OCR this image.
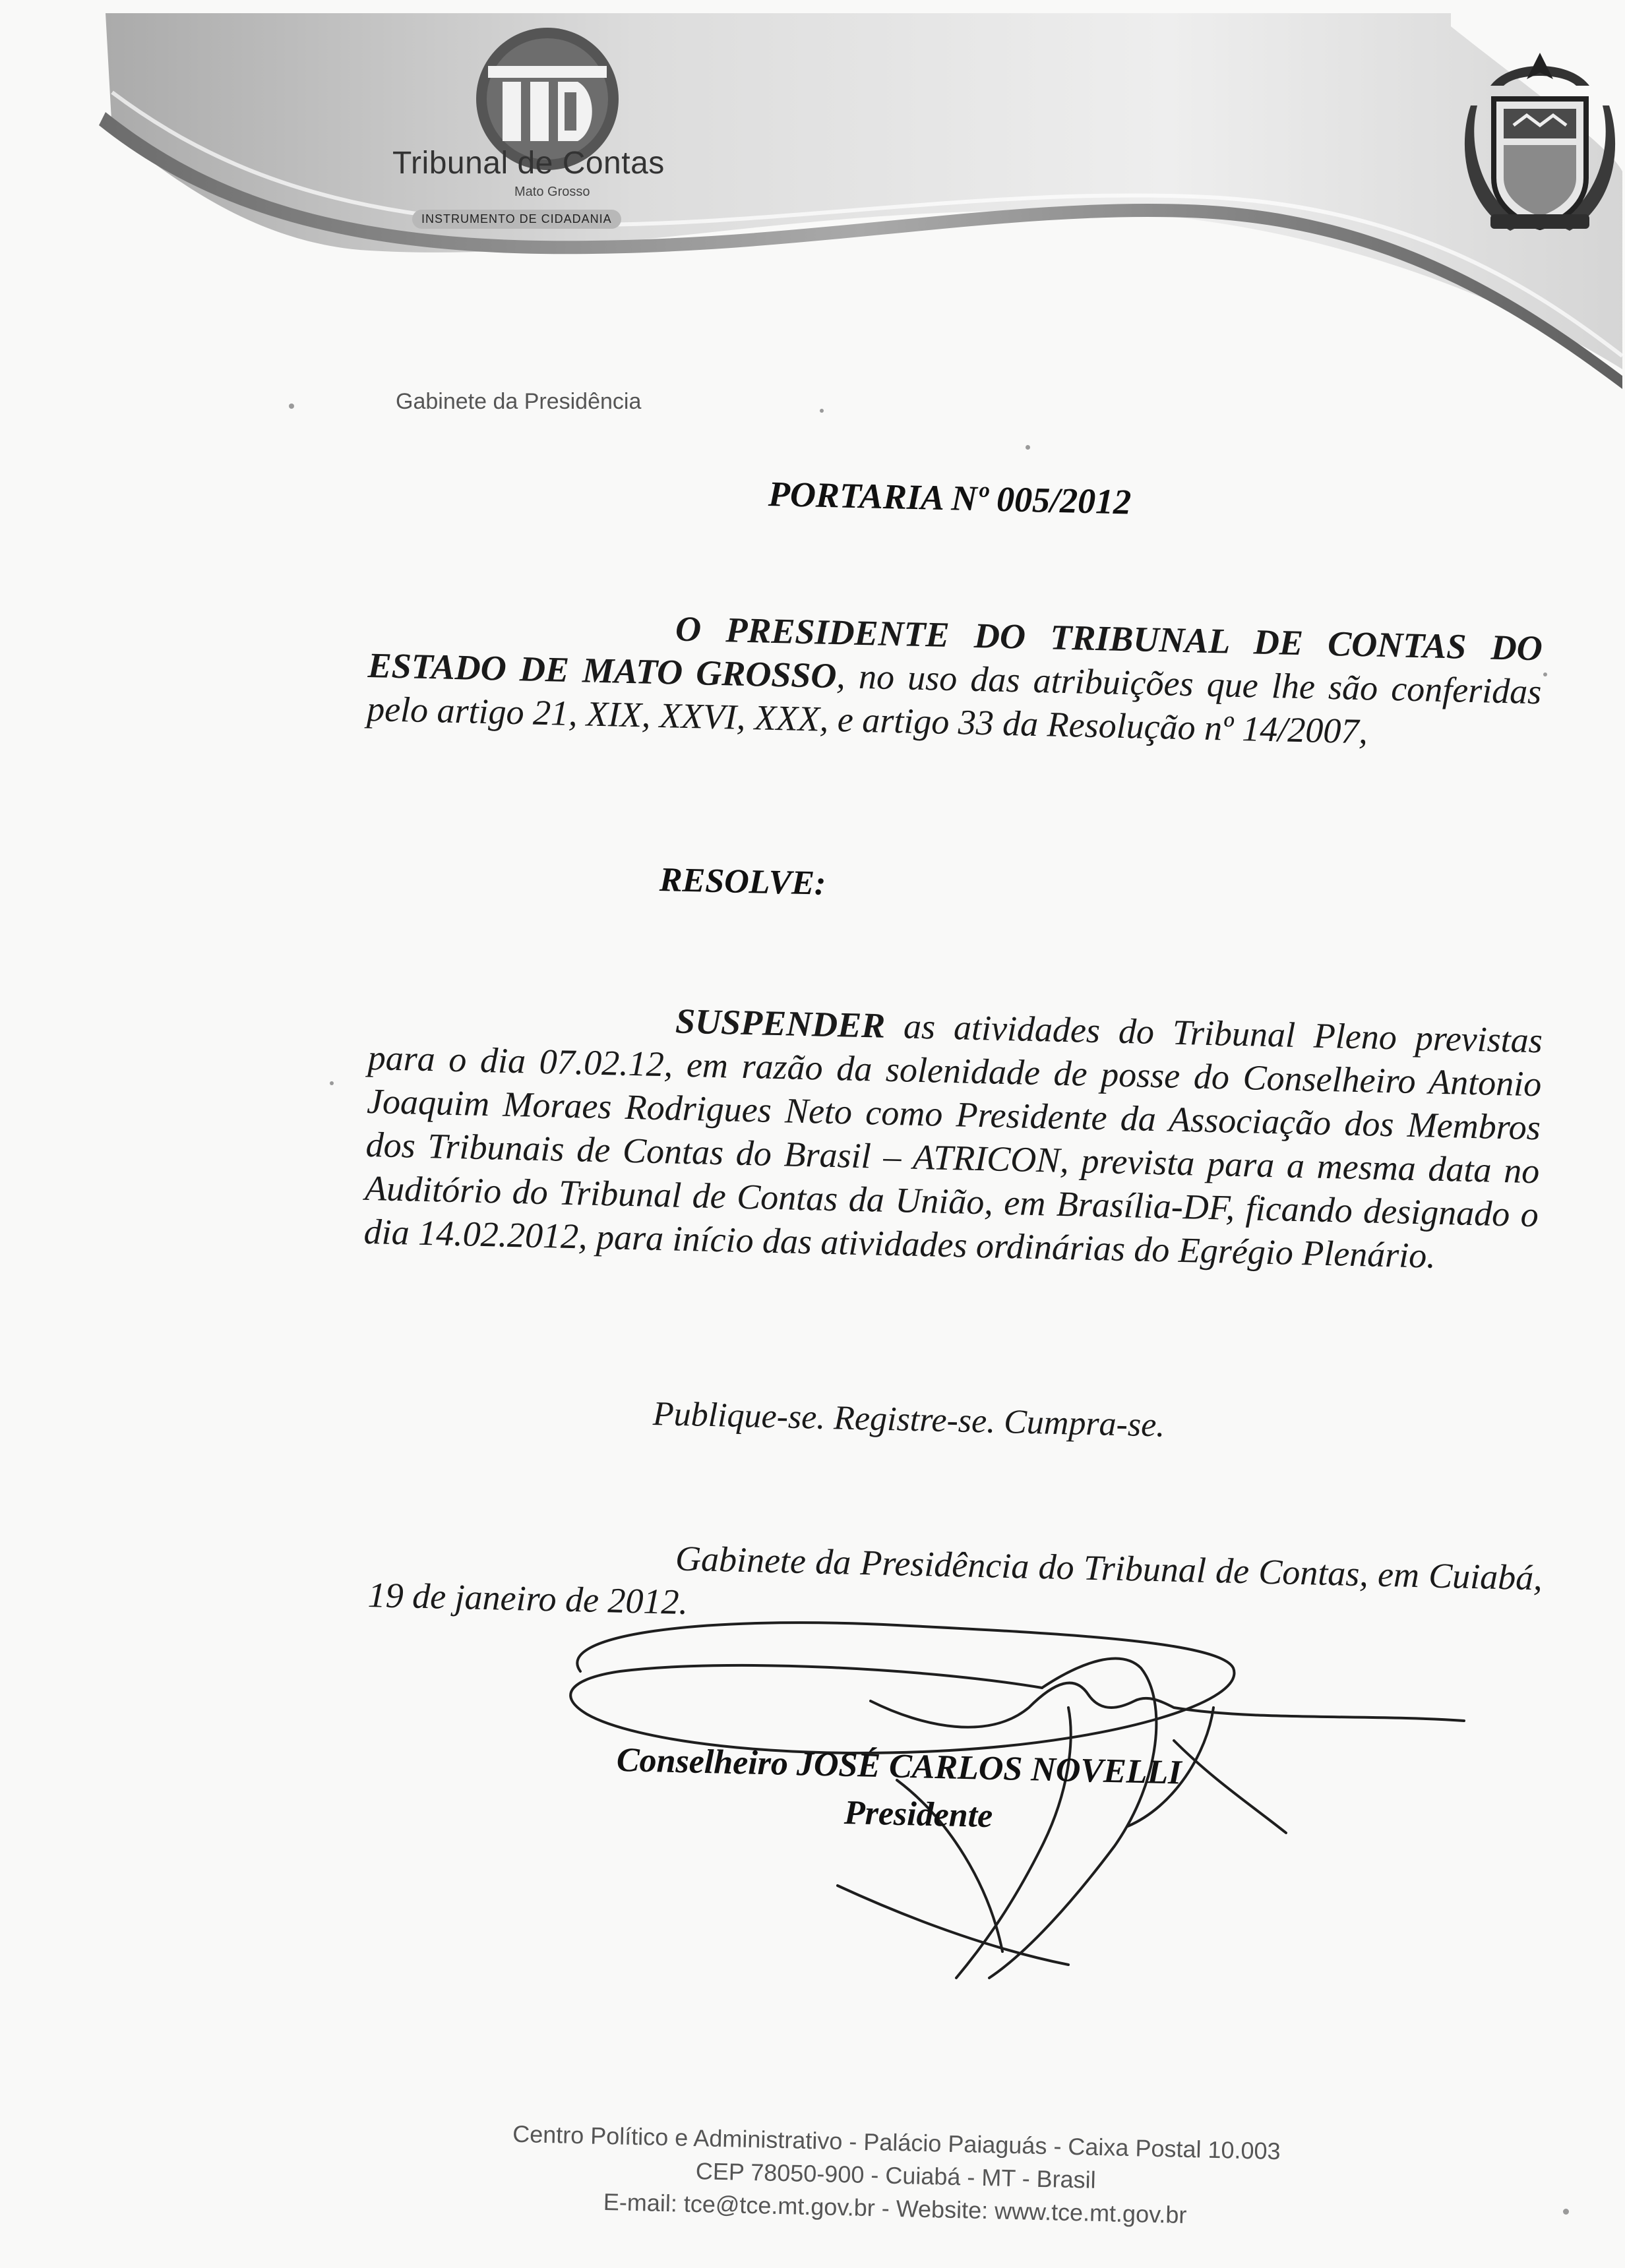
Tribunal de Contas
Mato Grosso
INSTRUMENTO DE CIDADANIA
Gabinete da Presidência
PORTARIA Nº 005/2012
O PRESIDENTE DO TRIBUNAL DE CONTAS DO ESTADO DE MATO GROSSO, no uso das atribuições que lhe são conferidas pelo artigo 21, XIX, XXVI, XXX, e artigo 33 da Resolução nº 14/2007,
RESOLVE:
SUSPENDER as atividades do Tribunal Pleno previstas para o dia 07.02.12, em razão da solenidade de posse do Conselheiro Antonio Joaquim Moraes Rodrigues Neto como Presidente da Associação dos Membros dos Tribunais de Contas do Brasil – ATRICON, prevista para a mesma data no Auditório do Tribunal de Contas da União, em Brasília-DF, ficando designado o dia 14.02.2012, para início das atividades ordinárias do Egrégio Plenário.
Publique-se. Registre-se. Cumpra-se.
Gabinete da Presidência do Tribunal de Contas, em Cuiabá, 19 de janeiro de 2012.
Conselheiro JOSÉ CARLOS NOVELLI
Presidente
Centro Político e Administrativo - Palácio Paiaguás - Caixa Postal 10.003
CEP 78050-900 - Cuiabá - MT - Brasil
E-mail: tce@tce.mt.gov.br - Website: www.tce.mt.gov.br
